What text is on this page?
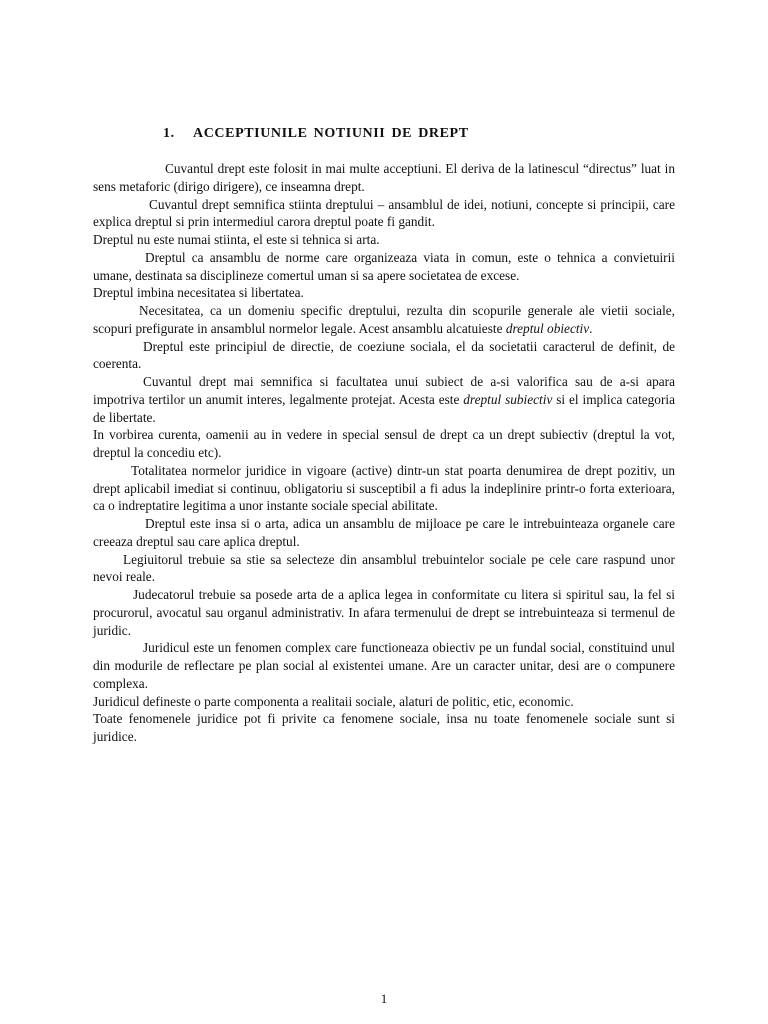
1. ACCEPTIUNILE NOTIUNII DE DREPT

Cuvantul drept este folosit in mai multe acceptiuni. El deriva de la latinescul “directus” luat in sens metaforic (dirigo dirigere), ce inseamna drept.

Cuvantul drept semnifica stiinta dreptului – ansamblul de idei, notiuni, concepte si principii, care explica dreptul si prin intermediul carora dreptul poate fi gandit.

Dreptul nu este numai stiinta, el este si tehnica si arta.

Dreptul ca ansamblu de norme care organizeaza viata in comun, este o tehnica a convietuirii umane, destinata sa disciplineze comertul uman si sa apere societatea de excese.

Dreptul imbina necesitatea si libertatea.

Necesitatea, ca un domeniu specific dreptului, rezulta din scopurile generale ale vietii sociale, scopuri prefigurate in ansamblul normelor legale. Acest ansamblu alcatuieste dreptul obiectiv.

Dreptul este principiul de directie, de coeziune sociala, el da societatii caracterul de definit, de coerenta.

Cuvantul drept mai semnifica si facultatea unui subiect de a-si valorifica sau de a-si apara impotriva tertilor un anumit interes, legalmente protejat. Acesta este dreptul subiectiv si el implica categoria de libertate.

In vorbirea curenta, oamenii au in vedere in special sensul de drept ca un drept subiectiv (dreptul la vot, dreptul la concediu etc).

Totalitatea normelor juridice in vigoare (active) dintr-un stat poarta denumirea de drept pozitiv, un drept aplicabil imediat si continuu, obligatoriu si susceptibil a fi adus la indeplinire printr-o forta exterioara, ca o indreptatire legitima a unor instante sociale special abilitate.

Dreptul este insa si o arta, adica un ansamblu de mijloace pe care le intrebuinteaza organele care creeaza dreptul sau care aplica dreptul.

Legiuitorul trebuie sa stie sa selecteze din ansamblul trebuintelor sociale pe cele care raspund unor nevoi reale.

Judecatorul trebuie sa posede arta de a aplica legea in conformitate cu litera si spiritul sau, la fel si procurorul, avocatul sau organul administrativ. In afara termenului de drept se intrebuinteaza si termenul de juridic.

Juridicul este un fenomen complex care functioneaza obiectiv pe un fundal social, constituind unul din modurile de reflectare pe plan social al existentei umane. Are un caracter unitar, desi are o compunere complexa.

Juridicul defineste o parte componenta a realitaii sociale, alaturi de politic, etic, economic.

Toate fenomenele juridice pot fi privite ca fenomene sociale, insa nu toate fenomenele sociale sunt si juridice.

1
